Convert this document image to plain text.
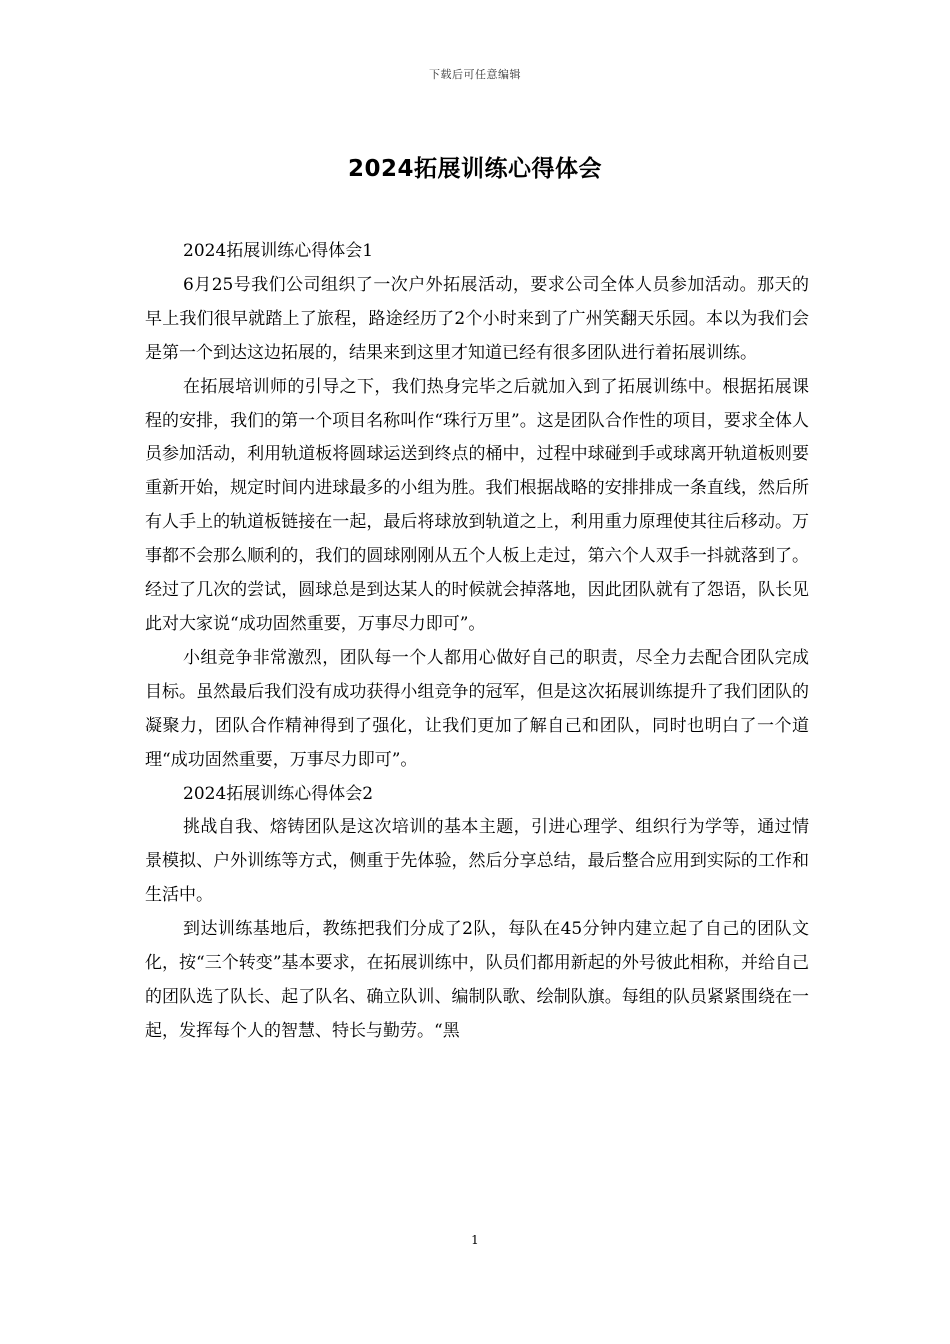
下载后可任意编辑
2024拓展训练心得体会

2024拓展训练心得体会1

6月25号我们公司组织了一次户外拓展活动，要求公司全体人员参加活动。那天的早上我们很早就踏上了旅程，路途经历了2个小时来到了广州笑翻天乐园。本以为我们会是第一个到达这边拓展的，结果来到这里才知道已经有很多团队进行着拓展训练。

在拓展培训师的引导之下，我们热身完毕之后就加入到了拓展训练中。根据拓展课程的安排，我们的第一个项目名称叫作“珠行万里”。这是团队合作性的项目，要求全体人员参加活动，利用轨道板将圆球运送到终点的桶中，过程中球碰到手或球离开轨道板则要重新开始，规定时间内进球最多的小组为胜。我们根据战略的安排排成一条直线，然后所有人手上的轨道板链接在一起，最后将球放到轨道之上，利用重力原理使其往后移动。万事都不会那么顺利的，我们的圆球刚刚从五个人板上走过，第六个人双手一抖就落到了。经过了几次的尝试，圆球总是到达某人的时候就会掉落地，因此团队就有了怨语，队长见此对大家说“成功固然重要，万事尽力即可”。

小组竞争非常激烈，团队每一个人都用心做好自己的职责，尽全力去配合团队完成目标。虽然最后我们没有成功获得小组竞争的冠军，但是这次拓展训练提升了我们团队的凝聚力，团队合作精神得到了强化，让我们更加了解自己和团队，同时也明白了一个道理“成功固然重要，万事尽力即可”。

2024拓展训练心得体会2

挑战自我、熔铸团队是这次培训的基本主题，引进心理学、组织行为学等，通过情景模拟、户外训练等方式，侧重于先体验，然后分享总结，最后整合应用到实际的工作和生活中。

到达训练基地后，教练把我们分成了2队，每队在45分钟内建立起了自己的团队文化，按“三个转变”基本要求，在拓展训练中，队员们都用新起的外号彼此相称，并给自己的团队选了队长、起了队名、确立队训、编制队歌、绘制队旗。每组的队员紧紧围绕在一起，发挥每个人的智慧、特长与勤劳。“黑

1
